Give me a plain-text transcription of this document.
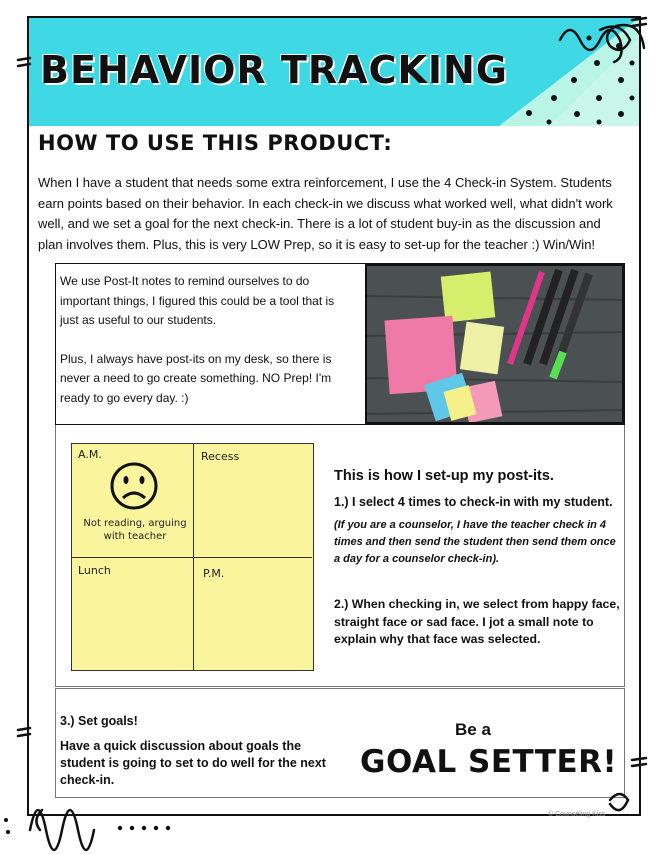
BEHAVIOR TRACKING
HOW TO USE THIS PRODUCT:
When I have a student that needs some extra reinforcement, I use the 4 Check-in System. Students earn points based on their behavior. In each check-in we discuss what worked well, what didn't work well, and we set a goal for the next check-in. There is a lot of student buy-in as the discussion and plan involves them. Plus, this is very LOW Prep, so it is easy to set-up for the teacher :) Win/Win!

We use Post-It notes to remind ourselves to do important things, I figured this could be a tool that is just as useful to our students.

Plus, I always have post-its on my desk, so there is never a need to go create something. NO Prep! I'm ready to go every day. :)

A.M.	Recess
Lunch	P.M.
Not reading, arguing with teacher
This is how I set-up my post-its.
1.) I select 4 times to check-in with my student.
(If you are a counselor, I have the teacher check in 4 times and then send the student then send them once a day for a counselor check-in).
2.) When checking in, we select from happy face, straight face or sad face. I jot a small note to explain why that face was selected.
3.) Set goals!
Have a quick discussion about goals the student is going to set to do well for the next check-in.
Be a
GOAL SETTER!
© Counseling Kiss
